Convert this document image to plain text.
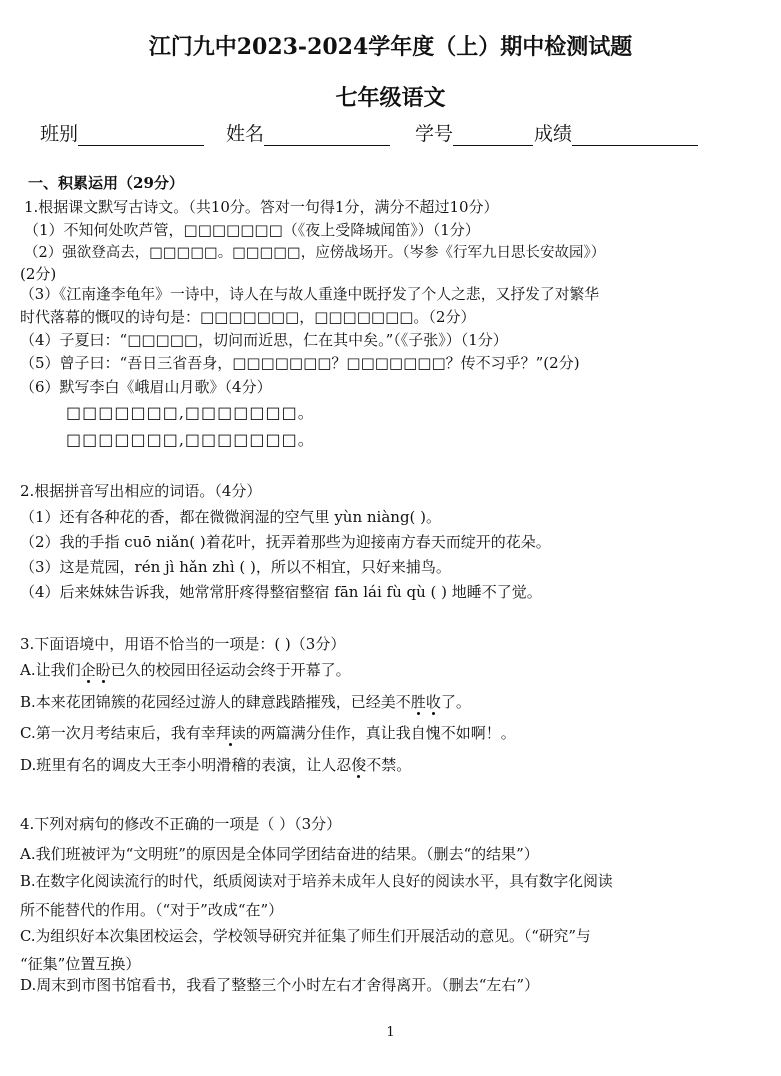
江门九中2023-2024学年度（上）期中检测试题
七年级语文
班别	姓名	学号	成绩
一、积累运用（29分）
1.根据课文默写古诗文。（共10分。答对一句得1分，满分不超过10分）
（1）不知何处吹芦管，□□□□□□□（《夜上受降城闻笛》）（1分）
（2）强欲登高去，□□□□□。□□□□□，应傍战场开。（岑参《行军九日思长安故园》）
(2分)
（3）《江南逢李龟年》一诗中，诗人在与故人重逢中既抒发了个人之悲，又抒发了对繁华
时代落幕的慨叹的诗句是：□□□□□□□，□□□□□□□。（2分）
（4）子夏曰：“□□□□□，切问而近思，仁在其中矣。”（《子张》）（1分）
（5）曾子曰：“吾日三省吾身，□□□□□□□？□□□□□□□？传不习乎？”(2分)
（6）默写李白《峨眉山月歌》（4分）
□□□□□□□,□□□□□□□。
□□□□□□□,□□□□□□□。
2.根据拼音写出相应的词语。（4分）
（1）还有各种花的香，都在微微润湿的空气里 yùn niàng( )。
（2）我的手指 cuō niǎn( )着花叶，抚弄着那些为迎接南方春天而绽开的花朵。
（3）这是荒园，rén jì hǎn zhì ( )，所以不相宜，只好来捕鸟。
（4）后来妹妹告诉我，她常常肝疼得整宿整宿 fān lái fù qù ( ) 地睡不了觉。
3.下面语境中，用语不恰当的一项是：( )（3分）
A.让我们企盼已久的校园田径运动会终于开幕了。
B.本来花团锦簇的花园经过游人的肆意践踏摧残，已经美不胜收了。
C.第一次月考结束后，我有幸拜读的两篇满分佳作，真让我自愧不如啊！。
D.班里有名的调皮大王李小明滑稽的表演，让人忍俊不禁。
4.下列对病句的修改不正确的一项是（ ）（3分）
A.我们班被评为“文明班”的原因是全体同学团结奋进的结果。（删去“的结果”）
B.在数字化阅读流行的时代，纸质阅读对于培养未成年人良好的阅读水平，具有数字化阅读
所不能替代的作用。（“对于”改成“在”）
C.为组织好本次集团校运会，学校领导研究并征集了师生们开展活动的意见。（“研究”与
“征集”位置互换）
D.周末到市图书馆看书，我看了整整三个小时左右才舍得离开。（删去“左右”）
1
